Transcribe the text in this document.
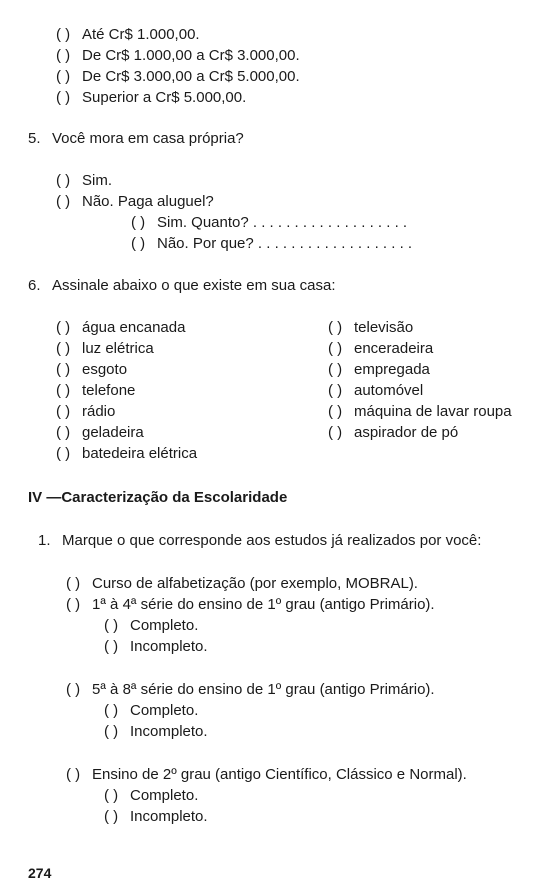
( ) Até Cr$ 1.000,00.
( ) De Cr$ 1.000,00 a Cr$ 3.000,00.
( ) De Cr$ 3.000,00 a Cr$ 5.000,00.
( ) Superior a Cr$ 5.000,00.
5. Você mora em casa própria?
( ) Sim.
( ) Não. Paga aluguel?
( ) Sim. Quanto? . . . . . . . . . . . . . . . . . . .
( ) Não. Por que? . . . . . . . . . . . . . . . . . . .
6. Assinale abaixo o que existe em sua casa:
( ) água encanada
( ) luz elétrica
( ) esgoto
( ) telefone
( ) rádio
( ) geladeira
( ) batedeira elétrica
( ) televisão
( ) enceradeira
( ) empregada
( ) automóvel
( ) máquina de lavar roupa
( ) aspirador de pó
IV —Caracterização da Escolaridade
1. Marque o que corresponde aos estudos já realizados por você:
( ) Curso de alfabetização (por exemplo, MOBRAL).
( ) 1ª à 4ª série do ensino de 1º grau (antigo Primário).
( ) Completo.
( ) Incompleto.
( ) 5ª à 8ª série do ensino de 1º grau (antigo Primário).
( ) Completo.
( ) Incompleto.
( ) Ensino de 2º grau (antigo Científico, Clássico e Normal).
( ) Completo.
( ) Incompleto.
274
